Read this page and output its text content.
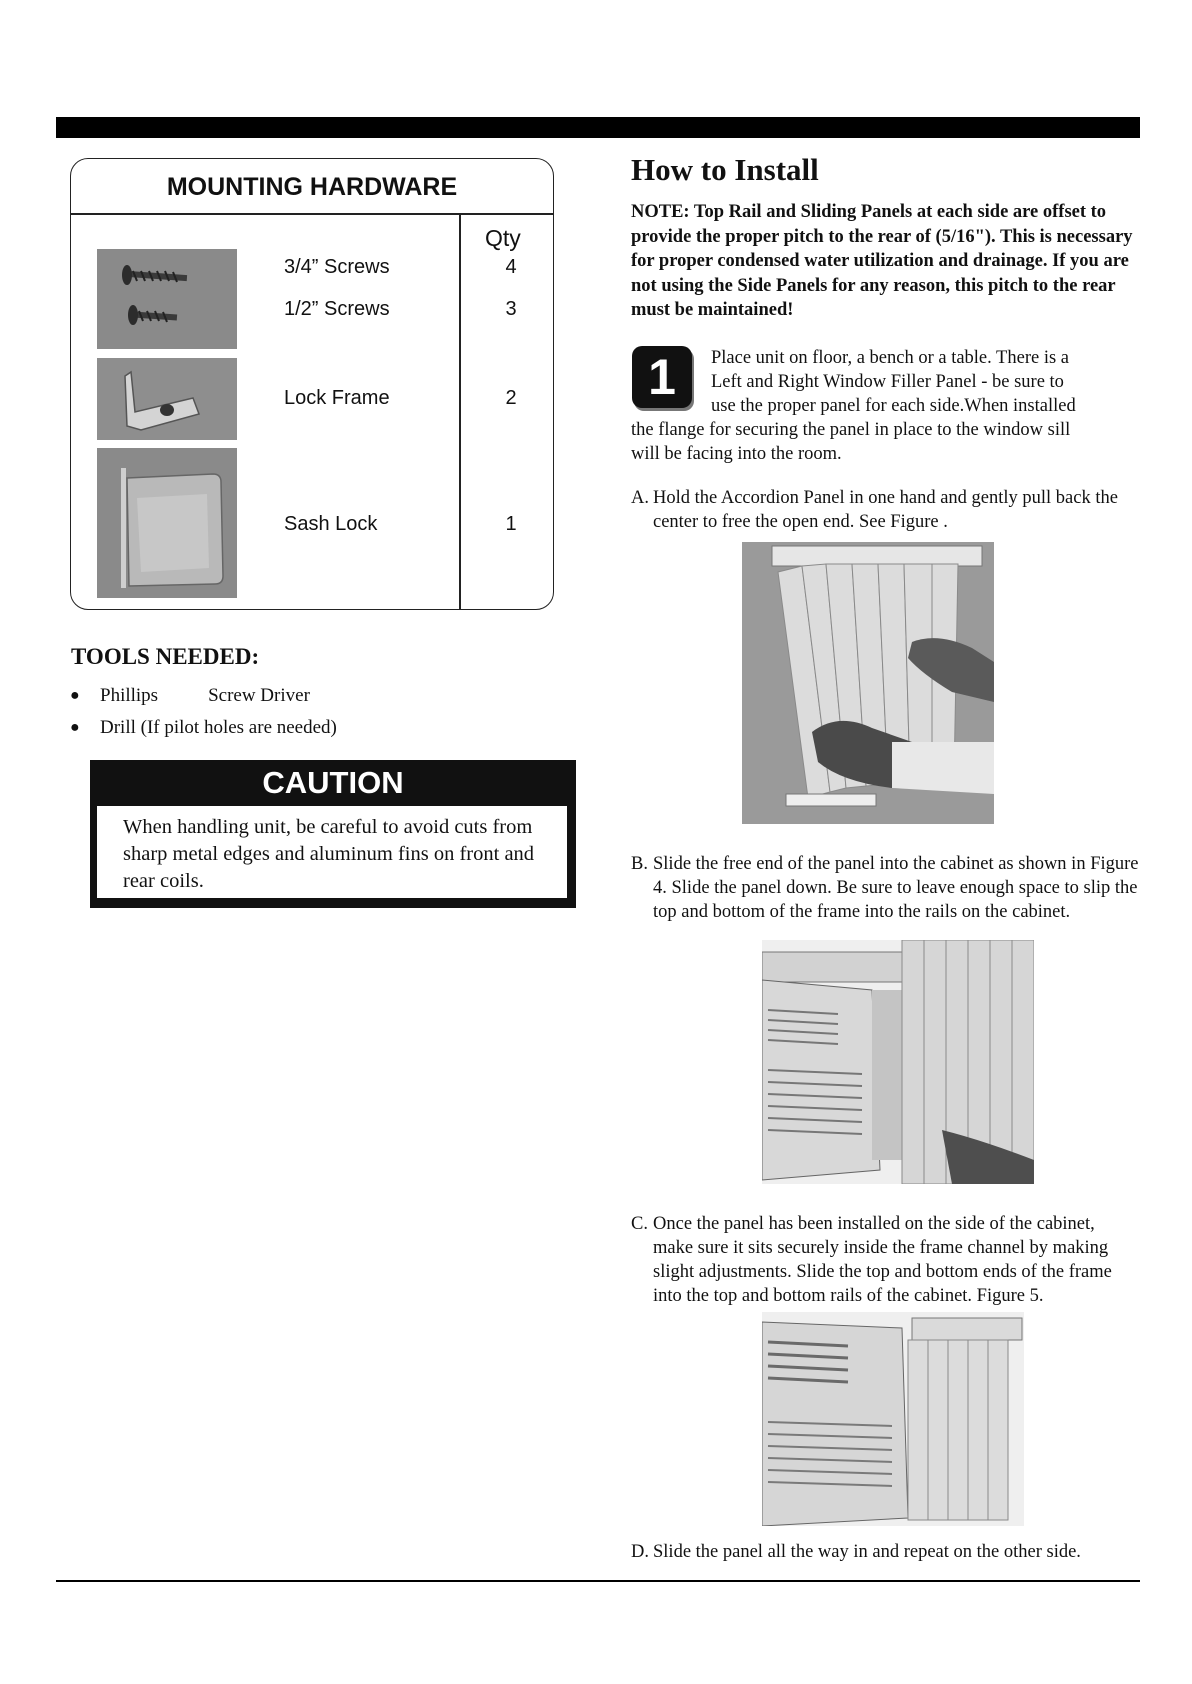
MOUNTING HARDWARE
Qty
3/4” Screws	4
1/2” Screws	3
Lock Frame	2
Sash Lock	1
TOOLS NEEDED:
● Phillips	Screw Driver
● Drill (If pilot holes are needed)
CAUTION
When handling unit, be careful to avoid cuts from sharp metal edges and aluminum fins on front and rear coils.
How to Install
NOTE: Top Rail and Sliding Panels at each side are offset to provide the proper pitch to the rear of (5/16"). This is necessary for proper condensed water utilization and drainage. If you are not using the Side Panels for any reason, this pitch to the rear must be maintained!
1	Place unit on floor, a bench or a table. There is a
Left and Right Window Filler Panel - be sure to
use the proper panel for each side.When installed
the flange for securing the panel in place to the window sill
will be facing into the room.
A. Hold the Accordion Panel in one hand and gently pull back the center to free the open end. See Figure .
B. Slide the free end of the panel into the cabinet as shown in Figure 4. Slide the panel down. Be sure to leave enough space to slip the top and bottom of the frame into the rails on the cabinet.
C. Once the panel has been installed on the side of the cabinet, make sure it sits securely inside the frame channel by making slight adjustments. Slide the top and bottom ends of the frame into the top and bottom rails of the cabinet. Figure 5.
D. Slide the panel all the way in and repeat on the other side.
